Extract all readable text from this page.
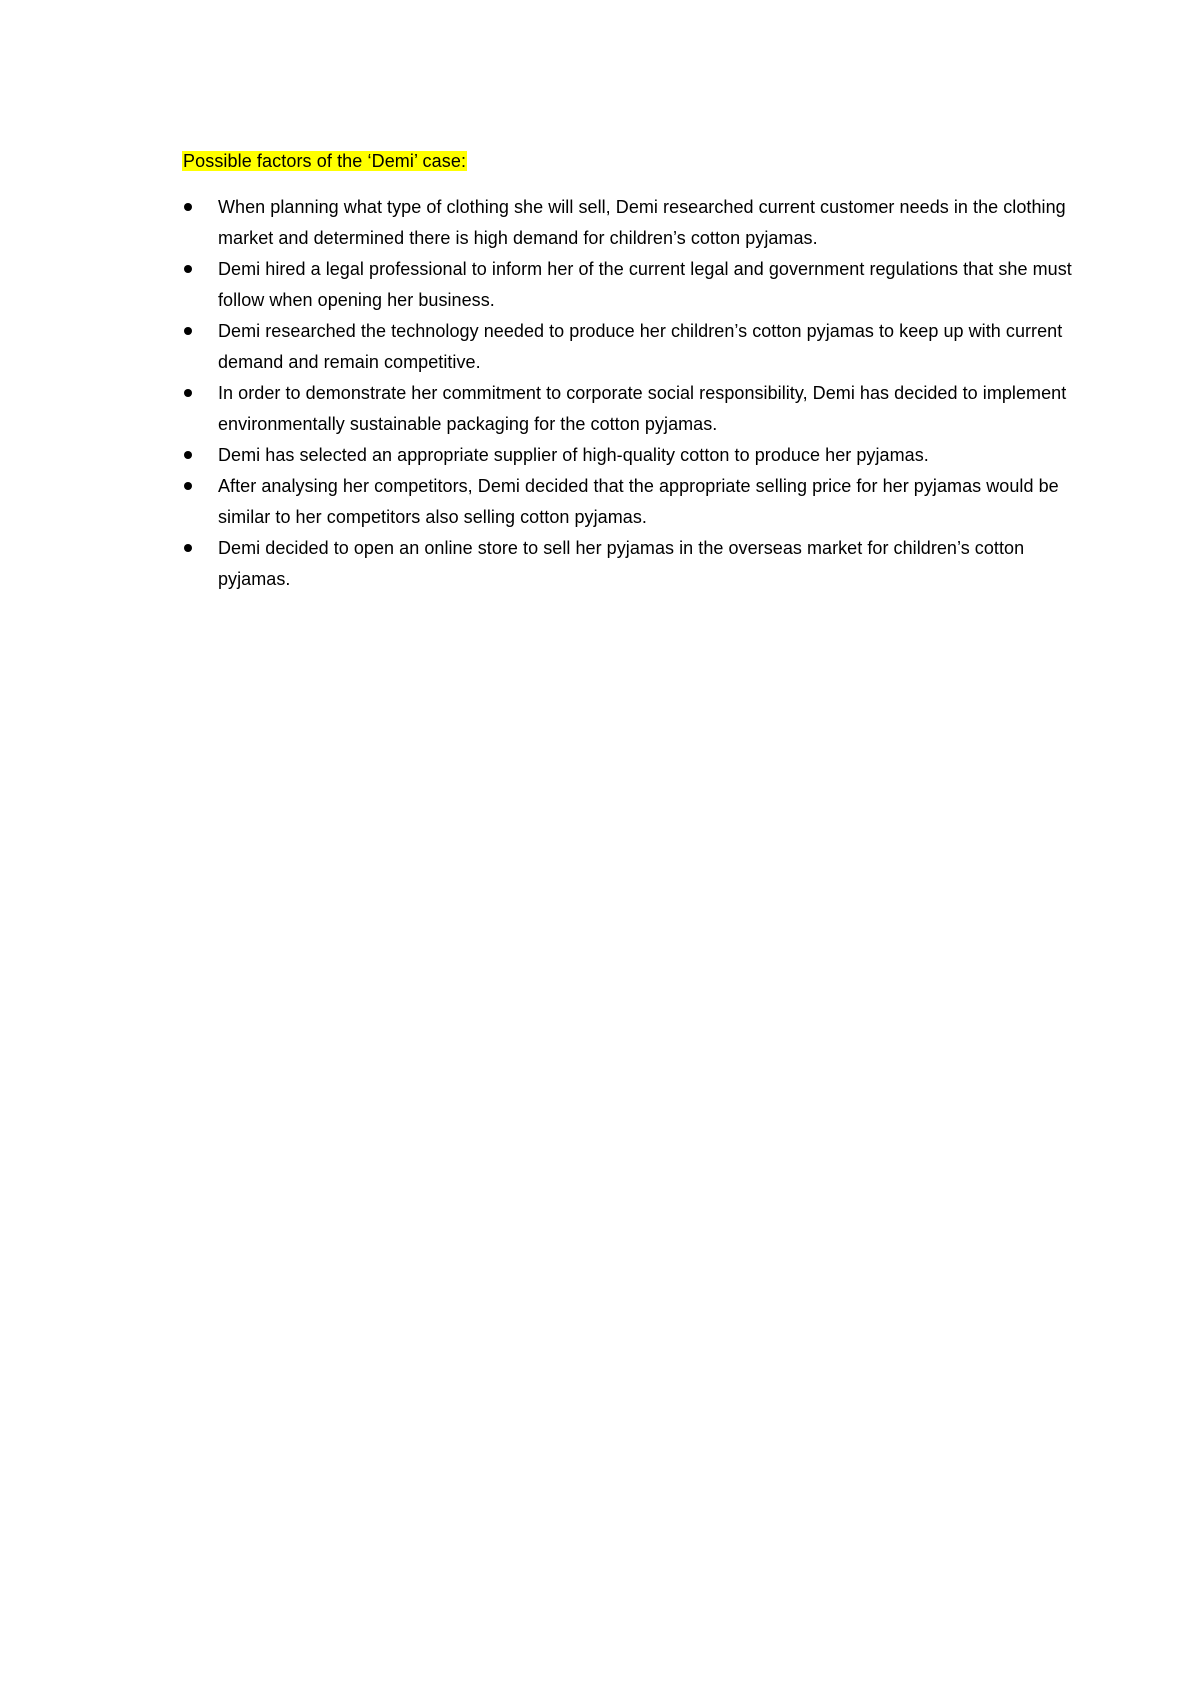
Possible factors of the ‘Demi’ case:
When planning what type of clothing she will sell, Demi researched current customer needs in the clothing market and determined there is high demand for children’s cotton pyjamas.
Demi hired a legal professional to inform her of the current legal and government regulations that she must follow when opening her business.
Demi researched the technology needed to produce her children’s cotton pyjamas to keep up with current demand and remain competitive.
In order to demonstrate her commitment to corporate social responsibility, Demi has decided to implement environmentally sustainable packaging for the cotton pyjamas.
Demi has selected an appropriate supplier of high-quality cotton to produce her pyjamas.
After analysing her competitors, Demi decided that the appropriate selling price for her pyjamas would be similar to her competitors also selling cotton pyjamas.
Demi decided to open an online store to sell her pyjamas in the overseas market for children’s cotton pyjamas.
